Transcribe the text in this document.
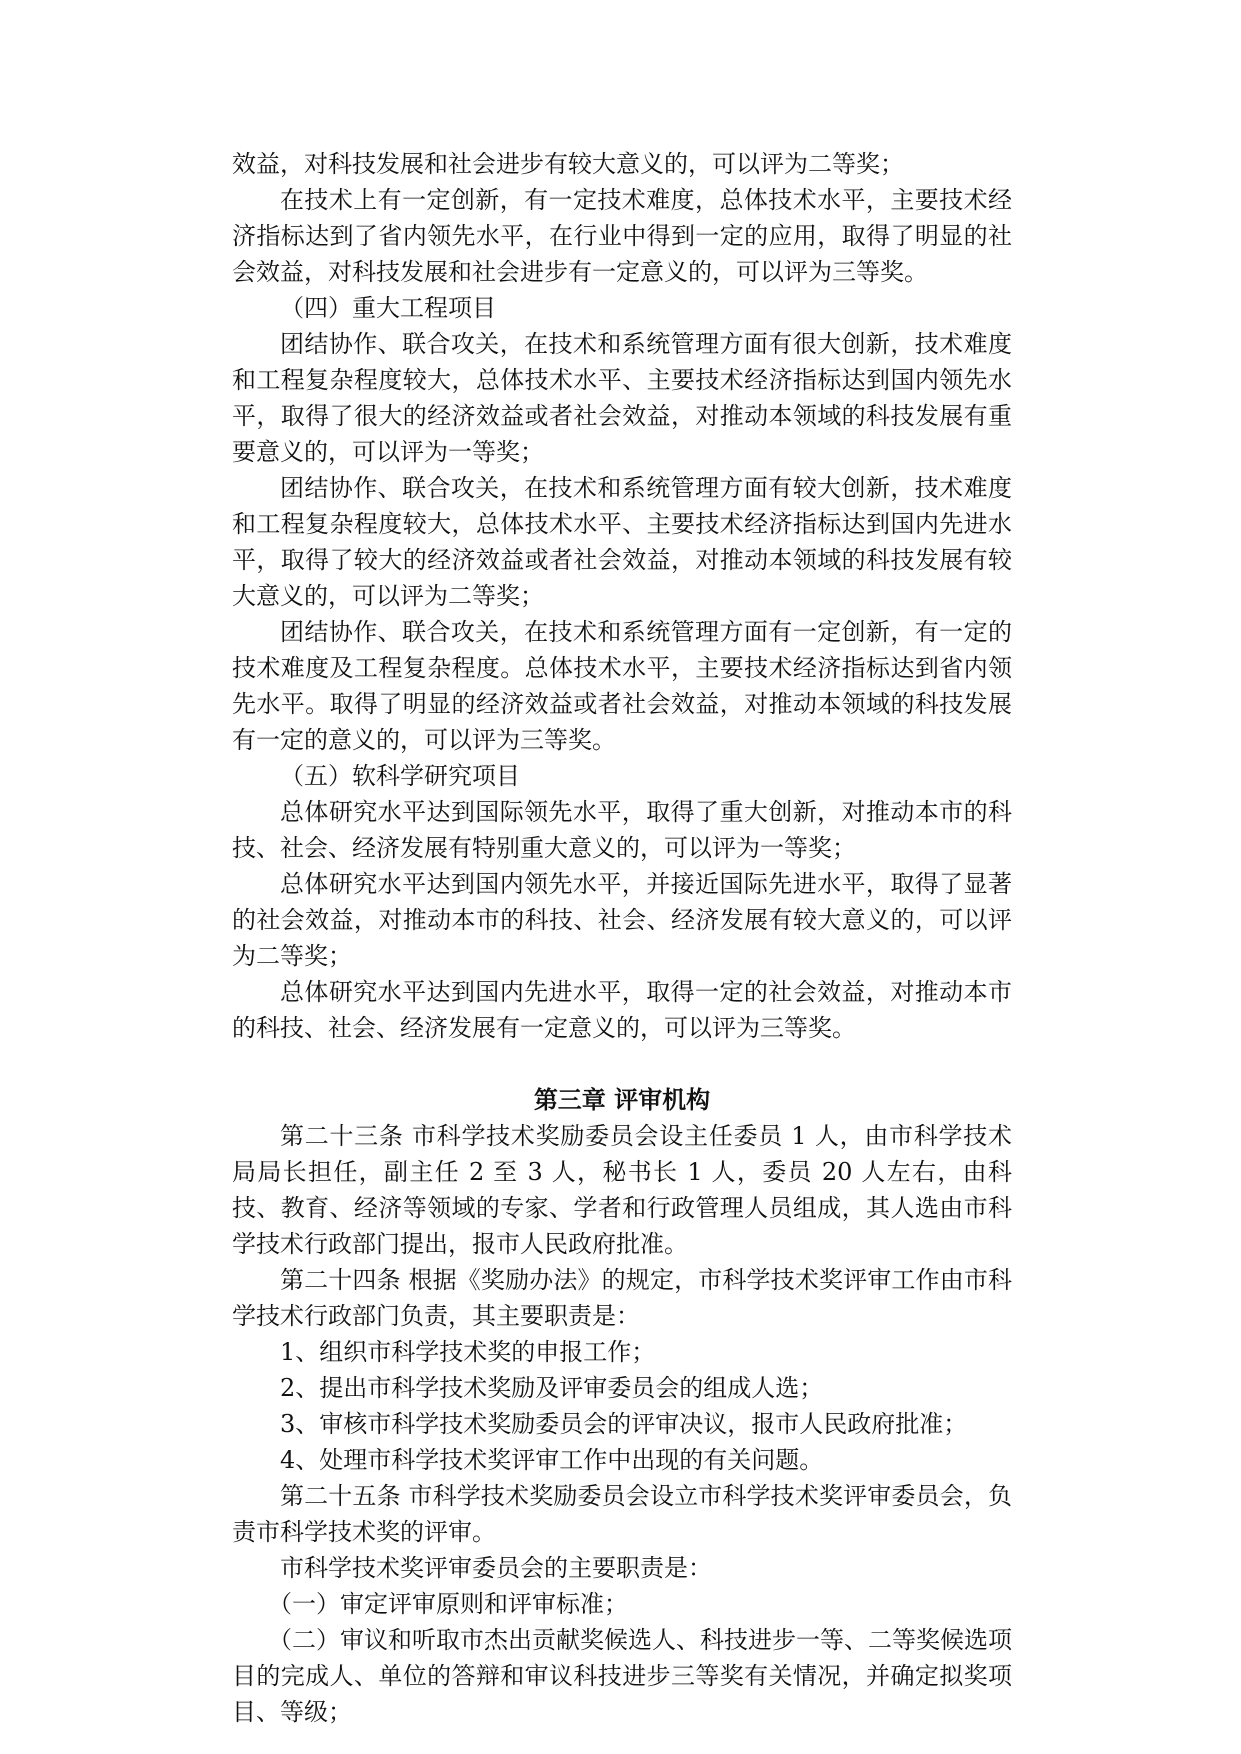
效益，对科技发展和社会进步有较大意义的，可以评为二等奖；

在技术上有一定创新，有一定技术难度，总体技术水平，主要技术经济指标达到了省内领先水平，在行业中得到一定的应用，取得了明显的社会效益，对科技发展和社会进步有一定意义的，可以评为三等奖。

（四）重大工程项目

团结协作、联合攻关，在技术和系统管理方面有很大创新，技术难度和工程复杂程度较大，总体技术水平、主要技术经济指标达到国内领先水平，取得了很大的经济效益或者社会效益，对推动本领域的科技发展有重要意义的，可以评为一等奖；

团结协作、联合攻关，在技术和系统管理方面有较大创新，技术难度和工程复杂程度较大，总体技术水平、主要技术经济指标达到国内先进水平，取得了较大的经济效益或者社会效益，对推动本领域的科技发展有较大意义的，可以评为二等奖；

团结协作、联合攻关，在技术和系统管理方面有一定创新，有一定的技术难度及工程复杂程度。总体技术水平，主要技术经济指标达到省内领先水平。取得了明显的经济效益或者社会效益，对推动本领域的科技发展有一定的意义的，可以评为三等奖。

（五）软科学研究项目

总体研究水平达到国际领先水平，取得了重大创新，对推动本市的科技、社会、经济发展有特别重大意义的，可以评为一等奖；

总体研究水平达到国内领先水平，并接近国际先进水平，取得了显著的社会效益，对推动本市的科技、社会、经济发展有较大意义的，可以评为二等奖；

总体研究水平达到国内先进水平，取得一定的社会效益，对推动本市的科技、社会、经济发展有一定意义的，可以评为三等奖。

第三章 评审机构

第二十三条 市科学技术奖励委员会设主任委员 1 人，由市科学技术局局长担任，副主任 2 至 3 人，秘书长 1 人，委员 20 人左右，由科技、教育、经济等领域的专家、学者和行政管理人员组成，其人选由市科学技术行政部门提出，报市人民政府批准。

第二十四条 根据《奖励办法》的规定，市科学技术奖评审工作由市科学技术行政部门负责，其主要职责是：

1、组织市科学技术奖的申报工作；

2、提出市科学技术奖励及评审委员会的组成人选；

3、审核市科学技术奖励委员会的评审决议，报市人民政府批准；

4、处理市科学技术奖评审工作中出现的有关问题。

第二十五条 市科学技术奖励委员会设立市科学技术奖评审委员会，负责市科学技术奖的评审。

市科学技术奖评审委员会的主要职责是：

（一）审定评审原则和评审标准；

（二）审议和听取市杰出贡献奖候选人、科技进步一等、二等奖候选项目的完成人、单位的答辩和审议科技进步三等奖有关情况，并确定拟奖项目、等级；
